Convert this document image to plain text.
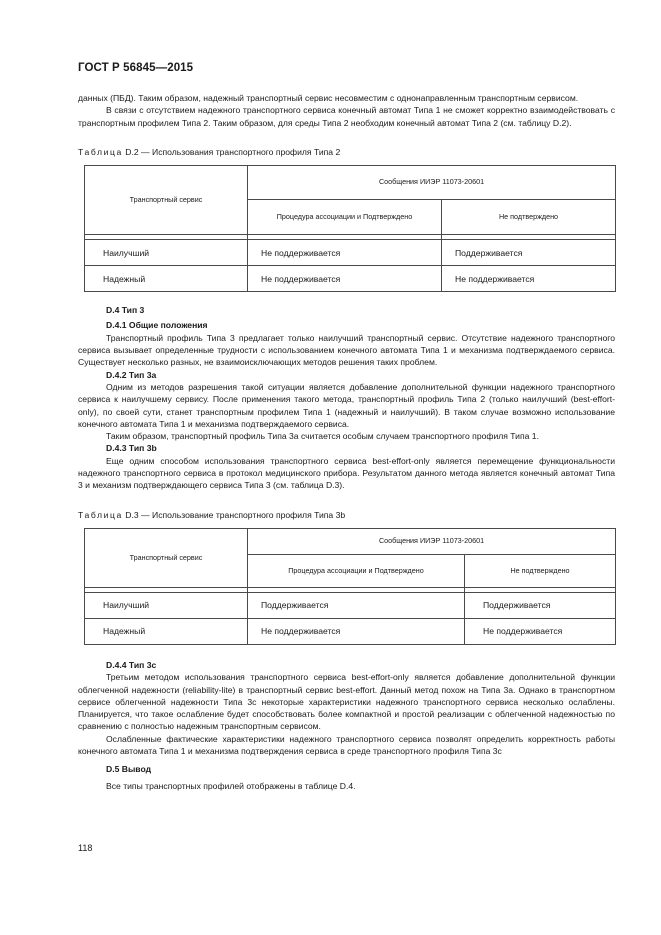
ГОСТ Р 56845—2015

данных (ПБД). Таким образом, надежный транспортный сервис несовместим с однонаправленным транспортным сервисом.

В связи с отсутствием надежного транспортного сервиса конечный автомат Типа 1 не сможет корректно взаимодействовать с транспортным профилем Типа 2. Таким образом, для среды Типа 2 необходим конечный автомат Типа 2 (см. таблицу D.2).

Таблица D.2 — Использования транспортного профиля Типа 2
Транспортный сервис	Сообщения ИИЭР 11073-20601	
	Процедура ассоциации и Подтверждено	Не подтверждено

Наилучший	Не поддерживается	Поддерживается
Надежный	Не поддерживается	Не поддерживается
D.4 Тип 3
D.4.1 Общие положения

Транспортный профиль Типа 3 предлагает только наилучший транспортный сервис. Отсутствие надежного транспортного сервиса вызывает определенные трудности с использованием конечного автомата Типа 1 и механизма подтверждаемого сервиса. Существует несколько разных, не взаимоисключающих методов решения таких проблем.

D.4.2 Тип 3a

Одним из методов разрешения такой ситуации является добавление дополнительной функции надежного транспортного сервиса к наилучшему сервису. После применения такого метода, транспортный профиль Типа 2 (только наилучший (best-effort-only), по своей сути, станет транспортным профилем Типа 1 (надежный и наилучший). В таком случае возможно использование конечного автомата Типа 1 и механизма подтверждаемого сервиса.

Таким образом, транспортный профиль Типа 3a считается особым случаем транспортного профиля Типа 1.

D.4.3 Тип 3b

Еще одним способом использования транспортного сервиса best-effort-only является перемещение функциональности надежного транспортного сервиса в протокол медицинского прибора. Результатом данного метода является конечный автомат Типа 3 и механизм подтверждающего сервиса Типа 3 (см. таблица D.3).

Таблица D.3 — Использование транспортного профиля Типа 3b
Транспортный сервис	Сообщения ИИЭР 11073-20601	
	Процедура ассоциации и Подтверждено	Не подтверждено

Наилучший	Поддерживается	Поддерживается
Надежный	Не поддерживается	Не поддерживается
D.4.4 Тип 3c

Третьим методом использования транспортного сервиса best-effort-only является добавление дополнительной функции облегченной надежности (reliability-lite) в транспортный сервис best-effort. Данный метод похож на Типа 3a. Однако в транспортном сервисе облегченной надежности Типа 3c некоторые характеристики надежного транспортного сервиса несколько ослаблены. Планируется, что такое ослабление будет способствовать более компактной и простой реализации с облегченной надежностью по сравнению с полностью надежным транспортным сервисом.

Ослабленные фактические характеристики надежного транспортного сервиса позволят определить корректность работы конечного автомата Типа 1 и механизма подтверждения сервиса в среде транспортного профиля Типа 3c

D.5 Вывод

Все типы транспортных профилей отображены в таблице D.4.

118
